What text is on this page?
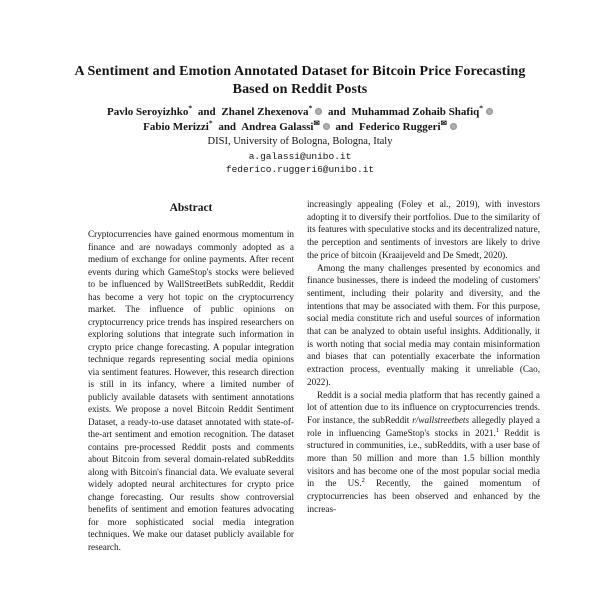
A Sentiment and Emotion Annotated Dataset for Bitcoin Price Forecasting Based on Reddit Posts
Pavlo Seroyizhko* and Zhanel Zhexenova* and Muhammad Zohaib Shafiq*
Fabio Merizzi* and Andrea Galassi✉ and Federico Ruggeri✉
DISI, University of Bologna, Bologna, Italy
a.galassi@unibo.it
federico.ruggeri6@unibo.it
Abstract

Cryptocurrencies have gained enormous momentum in finance and are nowadays commonly adopted as a medium of exchange for online payments. After recent events during which GameStop's stocks were believed to be influenced by WallStreetBets subReddit, Reddit has become a very hot topic on the cryptocurrency market. The influence of public opinions on cryptocurrency price trends has inspired researchers on exploring solutions that integrate such information in crypto price change forecasting. A popular integration technique regards representing social media opinions via sentiment features. However, this research direction is still in its infancy, where a limited number of publicly available datasets with sentiment annotations exists. We propose a novel Bitcoin Reddit Sentiment Dataset, a ready-to-use dataset annotated with state-of-the-art sentiment and emotion recognition. The dataset contains pre-processed Reddit posts and comments about Bitcoin from several domain-related subReddits along with Bitcoin's financial data. We evaluate several widely adopted neural architectures for crypto price change forecasting. Our results show controversial benefits of sentiment and emotion features advocating for more sophisticated social media integration techniques. We make our dataset publicly available for research.

increasingly appealing (Foley et al., 2019), with investors adopting it to diversify their portfolios. Due to the similarity of its features with speculative stocks and its decentralized nature, the perception and sentiments of investors are likely to drive the price of bitcoin (Kraaijeveld and De Smedt, 2020).

Among the many challenges presented by economics and finance businesses, there is indeed the modeling of customers' sentiment, including their polarity and diversity, and the intentions that may be associated with them. For this purpose, social media constitute rich and useful sources of information that can be analyzed to obtain useful insights. Additionally, it is worth noting that social media may contain misinformation and biases that can potentially exacerbate the information extraction process, eventually making it unreliable (Cao, 2022).

Reddit is a social media platform that has recently gained a lot of attention due to its influence on cryptocurrencies trends. For instance, the subReddit r/wallstreetbets allegedly played a role in influencing GameStop's stocks in 2021.$^1$ Reddit is structured in communities, i.e., subReddits, with a user base of more than 50 million and more than 1.5 billion monthly visitors and has become one of the most popular social media in the US.$^2$ Recently, the gained momentum of cryptocurrencies has been observed and enhanced by the increas-
